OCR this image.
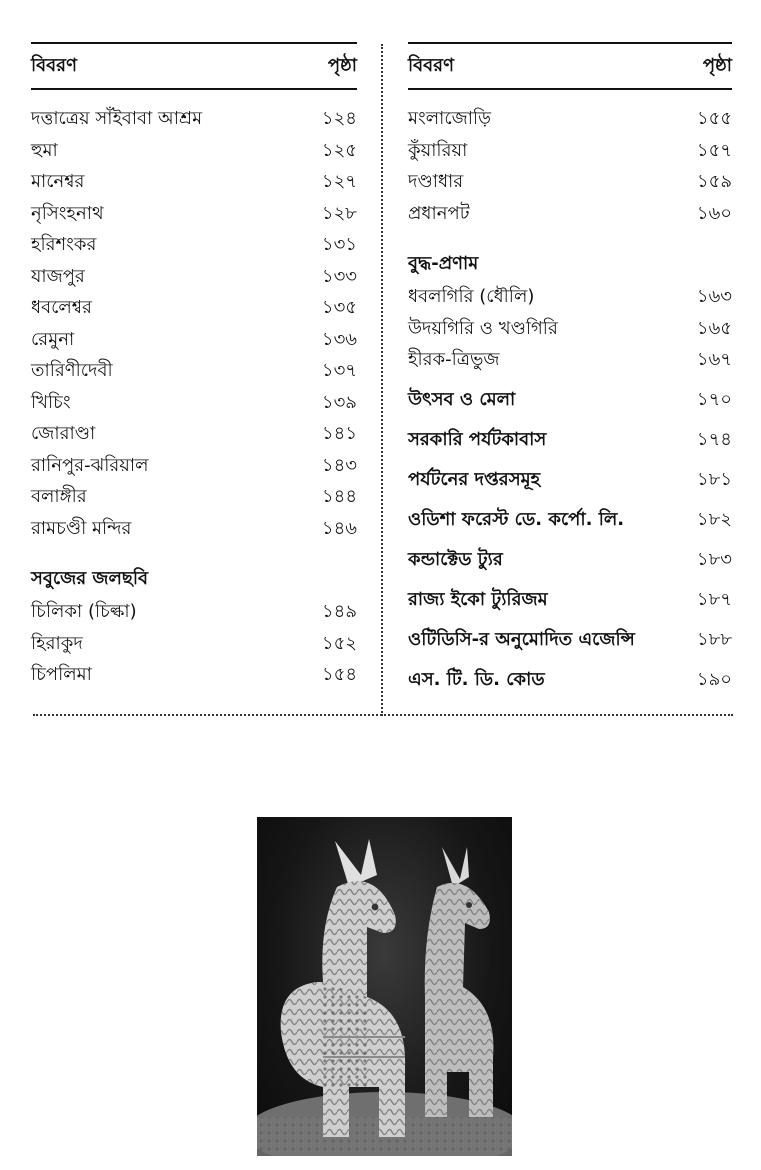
বিবরণ	পৃষ্ঠা
দত্তাত্রেয় সাঁইবাবা আশ্রম	১২৪
হুমা	১২৫
মানেশ্বর	১২৭
নৃসিংহনাথ	১২৮
হরিশংকর	১৩১
যাজপুর	১৩৩
ধবলেশ্বর	১৩৫
রেমুনা	১৩৬
তারিণীদেবী	১৩৭
খিচিং	১৩৯
জোরাণ্ডা	১৪১
রানিপুর-ঝরিয়াল	১৪৩
বলাঙ্গীর	১৪৪
রামচণ্ডী মন্দির	১৪৬
সবুজের জলছবি
চিলিকা (চিল্কা)	১৪৯
হিরাকুদ	১৫২
চিপলিমা	১৫৪
বিবরণ	পৃষ্ঠা
মংলাজোড়ি	১৫৫
কুঁয়ারিয়া	১৫৭
দণ্ডাধার	১৫৯
প্রধানপট	১৬০
বুদ্ধ-প্রণাম
ধবলগিরি (ধৌলি)	১৬৩
উদয়গিরি ও খণ্ডগিরি	১৬৫
হীরক-ত্রিভুজ	১৬৭
উৎসব ও মেলা	১৭০
সরকারি পর্যটকাবাস	১৭৪
পর্যটনের দপ্তরসমূহ	১৮১
ওডিশা ফরেস্ট ডে. কর্পো. লি.	১৮২
কন্ডাক্টেড ট্যুর	১৮৩
রাজ্য ইকো ট্যুরিজম	১৮৭
ওটিডিসি-র অনুমোদিত এজেন্সি	১৮৮
এস. টি. ডি. কোড	১৯০
